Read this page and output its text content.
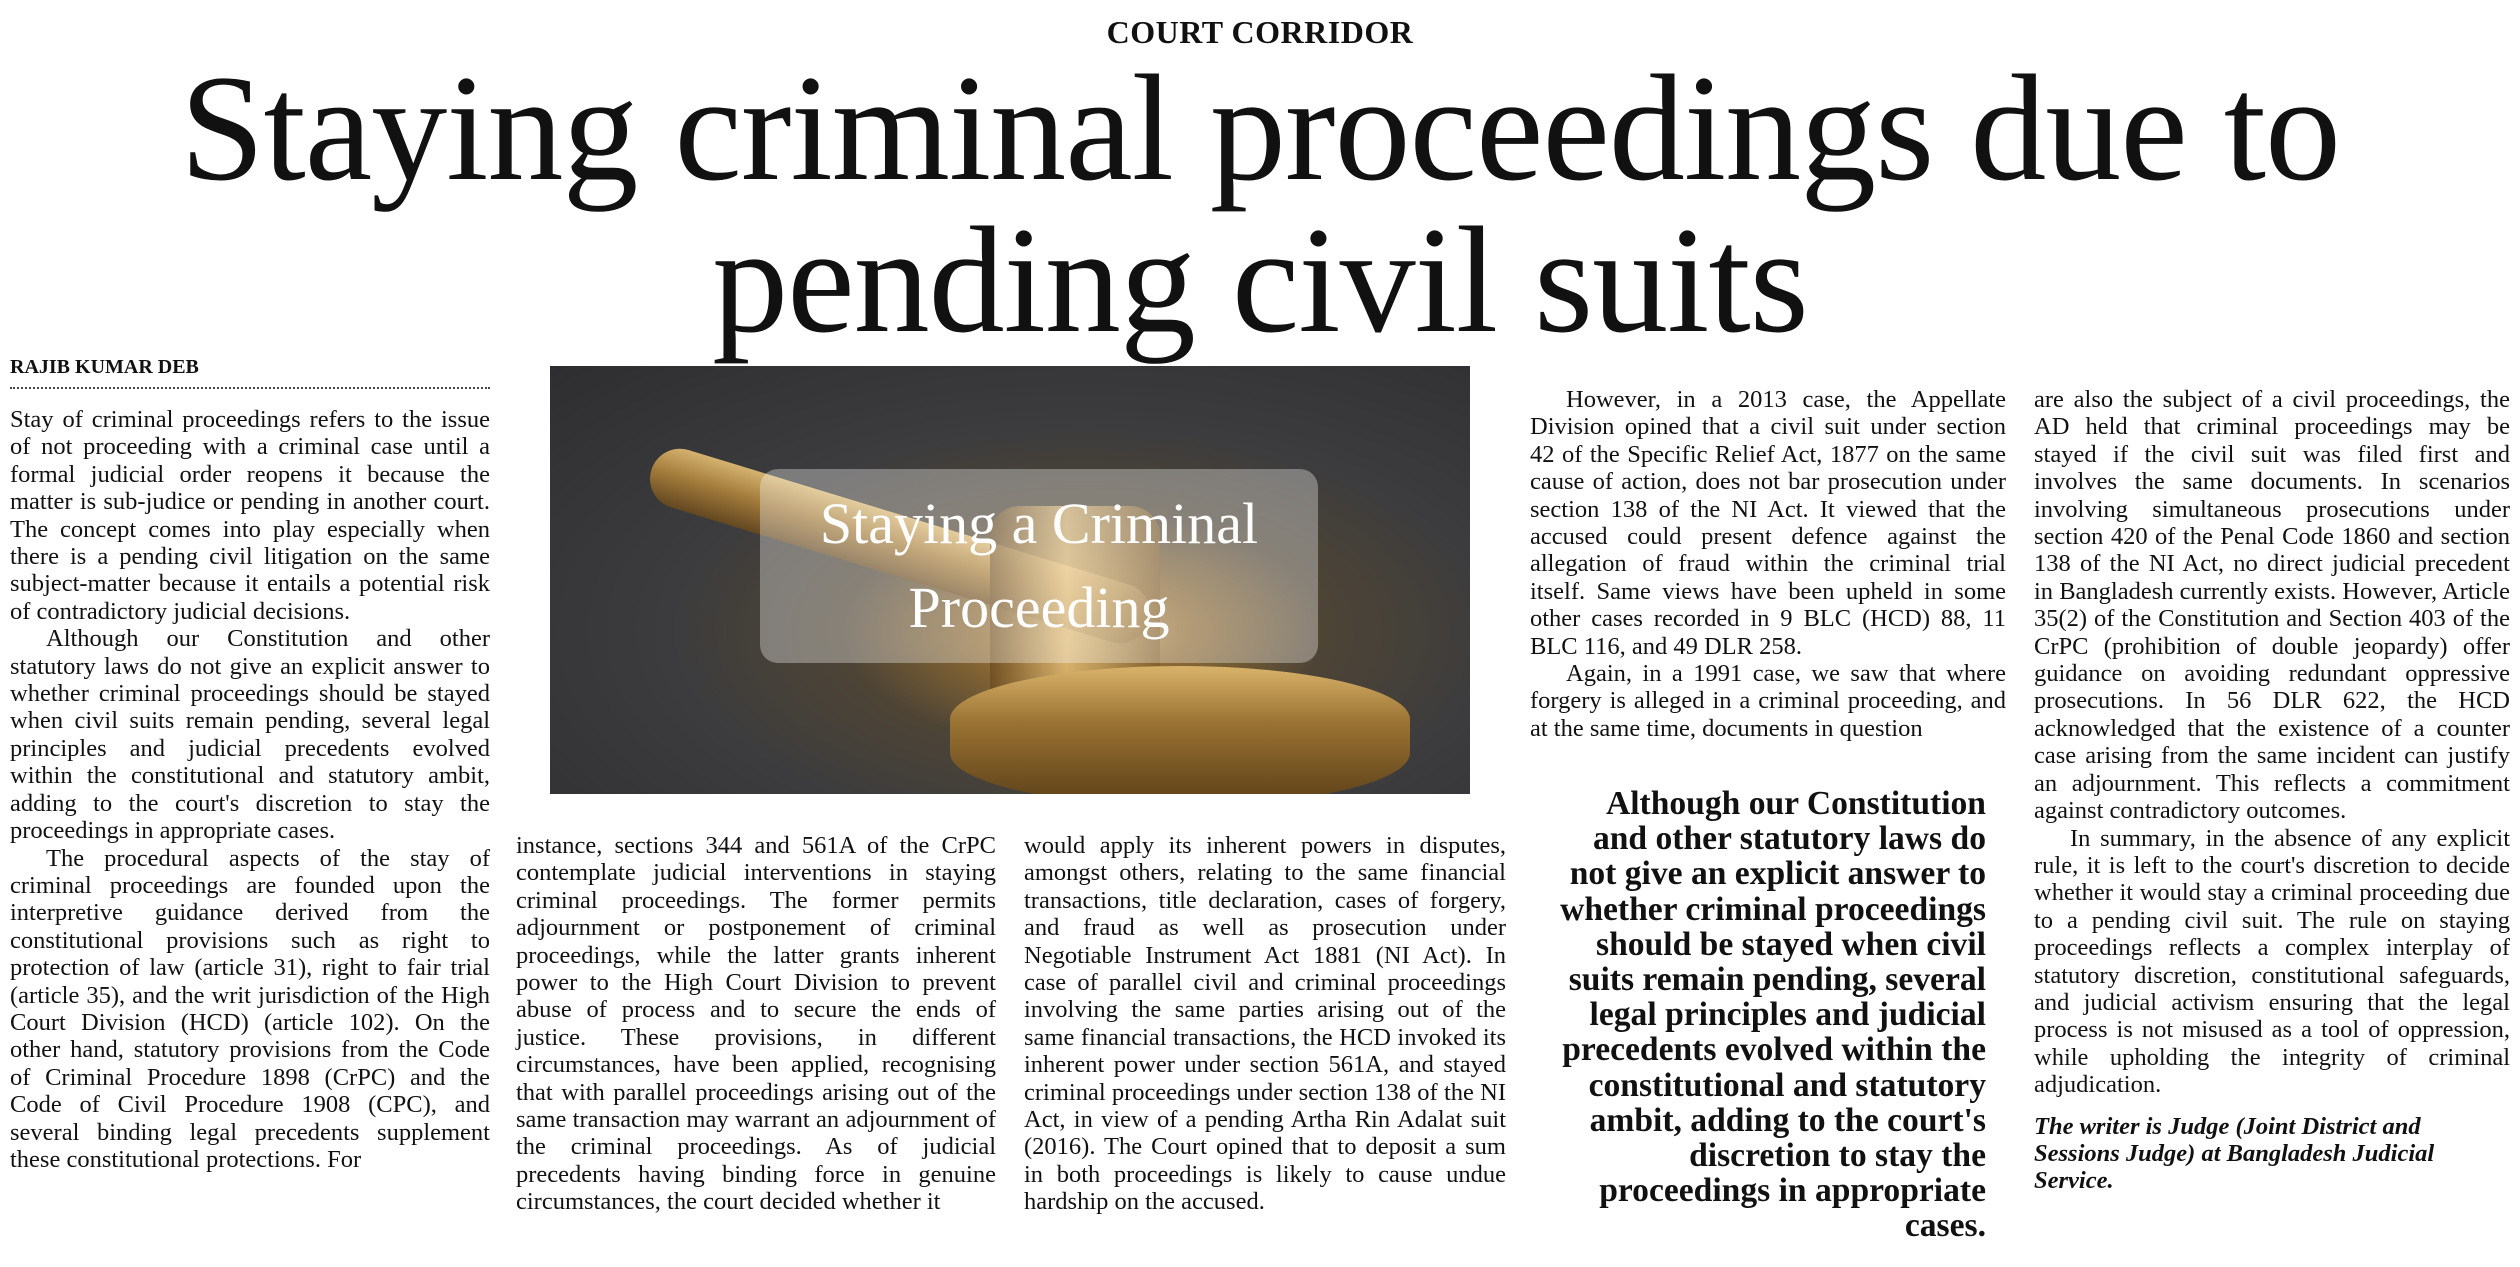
COURT CORRIDOR
Staying criminal proceedings due to pending civil suits
RAJIB KUMAR DEB

Stay of criminal proceedings refers to the issue of not proceeding with a criminal case until a formal judicial order reopens it because the matter is sub-judice or pending in another court. The concept comes into play especially when there is a pending civil litigation on the same subject-matter because it entails a potential risk of contradictory judicial decisions.

Although our Constitution and other statutory laws do not give an explicit answer to whether criminal proceedings should be stayed when civil suits remain pending, several legal principles and judicial precedents evolved within the constitutional and statutory ambit, adding to the court's discretion to stay the proceedings in appropriate cases.

The procedural aspects of the stay of criminal proceedings are founded upon the interpretive guidance derived from the constitutional provisions such as right to protection of law (article 31), right to fair trial (article 35), and the writ jurisdiction of the High Court Division (HCD) (article 102). On the other hand, statutory provisions from the Code of Criminal Procedure 1898 (CrPC) and the Code of Civil Procedure 1908 (CPC), and several binding legal precedents supplement these constitutional protections. For

Staying a Criminal Proceeding

instance, sections 344 and 561A of the CrPC contemplate judicial interventions in staying criminal proceedings. The former permits adjournment or postponement of criminal proceedings, while the latter grants inherent power to the High Court Division to prevent abuse of process and to secure the ends of justice. These provisions, in different circumstances, have been applied, recognising that with parallel proceedings arising out of the same transaction may warrant an adjournment of the criminal proceedings. As of judicial precedents having binding force in genuine circumstances, the court decided whether it

would apply its inherent powers in disputes, amongst others, relating to the same financial transactions, title declaration, cases of forgery, and fraud as well as prosecution under Negotiable Instrument Act 1881 (NI Act). In case of parallel civil and criminal proceedings involving the same parties arising out of the same financial transactions, the HCD invoked its inherent power under section 561A, and stayed criminal proceedings under section 138 of the NI Act, in view of a pending Artha Rin Adalat suit (2016). The Court opined that to deposit a sum in both proceedings is likely to cause undue hardship on the accused.

However, in a 2013 case, the Appellate Division opined that a civil suit under section 42 of the Specific Relief Act, 1877 on the same cause of action, does not bar prosecution under section 138 of the NI Act. It viewed that the accused could present defence against the allegation of fraud within the criminal trial itself. Same views have been upheld in some other cases recorded in 9 BLC (HCD) 88, 11 BLC 116, and 49 DLR 258.

Again, in a 1991 case, we saw that where forgery is alleged in a criminal proceeding, and at the same time, documents in question

Although our Constitution and other statutory laws do not give an explicit answer to whether criminal proceedings should be stayed when civil suits remain pending, several legal principles and judicial precedents evolved within the constitutional and statutory ambit, adding to the court's discretion to stay the proceedings in appropriate cases.

are also the subject of a civil proceedings, the AD held that criminal proceedings may be stayed if the civil suit was filed first and involves the same documents. In scenarios involving simultaneous prosecutions under section 420 of the Penal Code 1860 and section 138 of the NI Act, no direct judicial precedent in Bangladesh currently exists. However, Article 35(2) of the Constitution and Section 403 of the CrPC (prohibition of double jeopardy) offer guidance on avoiding redundant oppressive prosecutions. In 56 DLR 622, the HCD acknowledged that the existence of a counter case arising from the same incident can justify an adjournment. This reflects a commitment against contradictory outcomes.

In summary, in the absence of any explicit rule, it is left to the court's discretion to decide whether it would stay a criminal proceeding due to a pending civil suit. The rule on staying proceedings reflects a complex interplay of statutory discretion, constitutional safeguards, and judicial activism ensuring that the legal process is not misused as a tool of oppression, while upholding the integrity of criminal adjudication.

The writer is Judge (Joint District and Sessions Judge) at Bangladesh Judicial Service.
